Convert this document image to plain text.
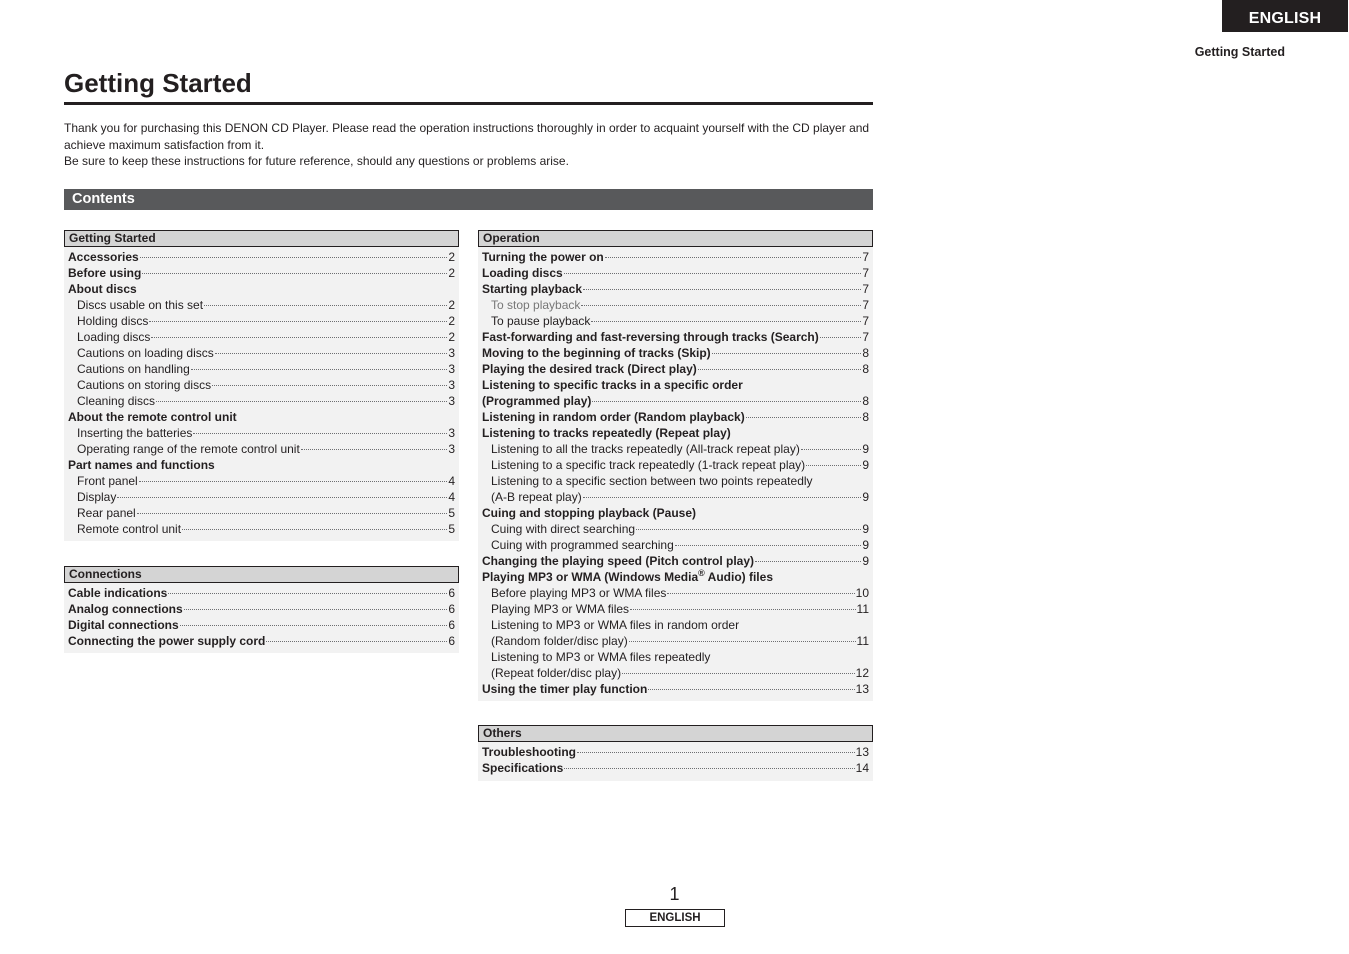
ENGLISH
Getting Started
Getting Started

Thank you for purchasing this DENON CD Player. Please read the operation instructions thoroughly in order to acquaint yourself with the CD player and achieve maximum satisfaction from it.

Be sure to keep these instructions for future reference, should any questions or problems arise.

Contents
Getting Started
Accessories	2
Before using	2
About discs
Discs usable on this set	2
Holding discs	2
Loading discs	2
Cautions on loading discs	3
Cautions on handling	3
Cautions on storing discs	3
Cleaning discs	3
About the remote control unit
Inserting the batteries	3
Operating range of the remote control unit	3
Part names and functions
Front panel	4
Display	4
Rear panel	5
Remote control unit	5
Connections
Cable indications	6
Analog connections	6
Digital connections	6
Connecting the power supply cord	6
Operation
Turning the power on	7
Loading discs	7
Starting playback	7
To stop playback	7
To pause playback	7
Fast-forwarding and fast-reversing through tracks (Search)	7
Moving to the beginning of tracks (Skip)	8
Playing the desired track (Direct play)	8
Listening to specific tracks in a specific order
(Programmed play)	8
Listening in random order (Random playback)	8
Listening to tracks repeatedly (Repeat play)
Listening to all the tracks repeatedly (All-track repeat play)	9
Listening to a specific track repeatedly (1-track repeat play)	9
Listening to a specific section between two points repeatedly
(A-B repeat play)	9
Cuing and stopping playback (Pause)
Cuing with direct searching	9
Cuing with programmed searching	9
Changing the playing speed (Pitch control play)	9
Playing MP3 or WMA (Windows Media® Audio) files
Before playing MP3 or WMA files	10
Playing MP3 or WMA files	11
Listening to MP3 or WMA files in random order
(Random folder/disc play)	11
Listening to MP3 or WMA files repeatedly
(Repeat folder/disc play)	12
Using the timer play function	13
Others
Troubleshooting	13
Specifications	14
1
ENGLISH
